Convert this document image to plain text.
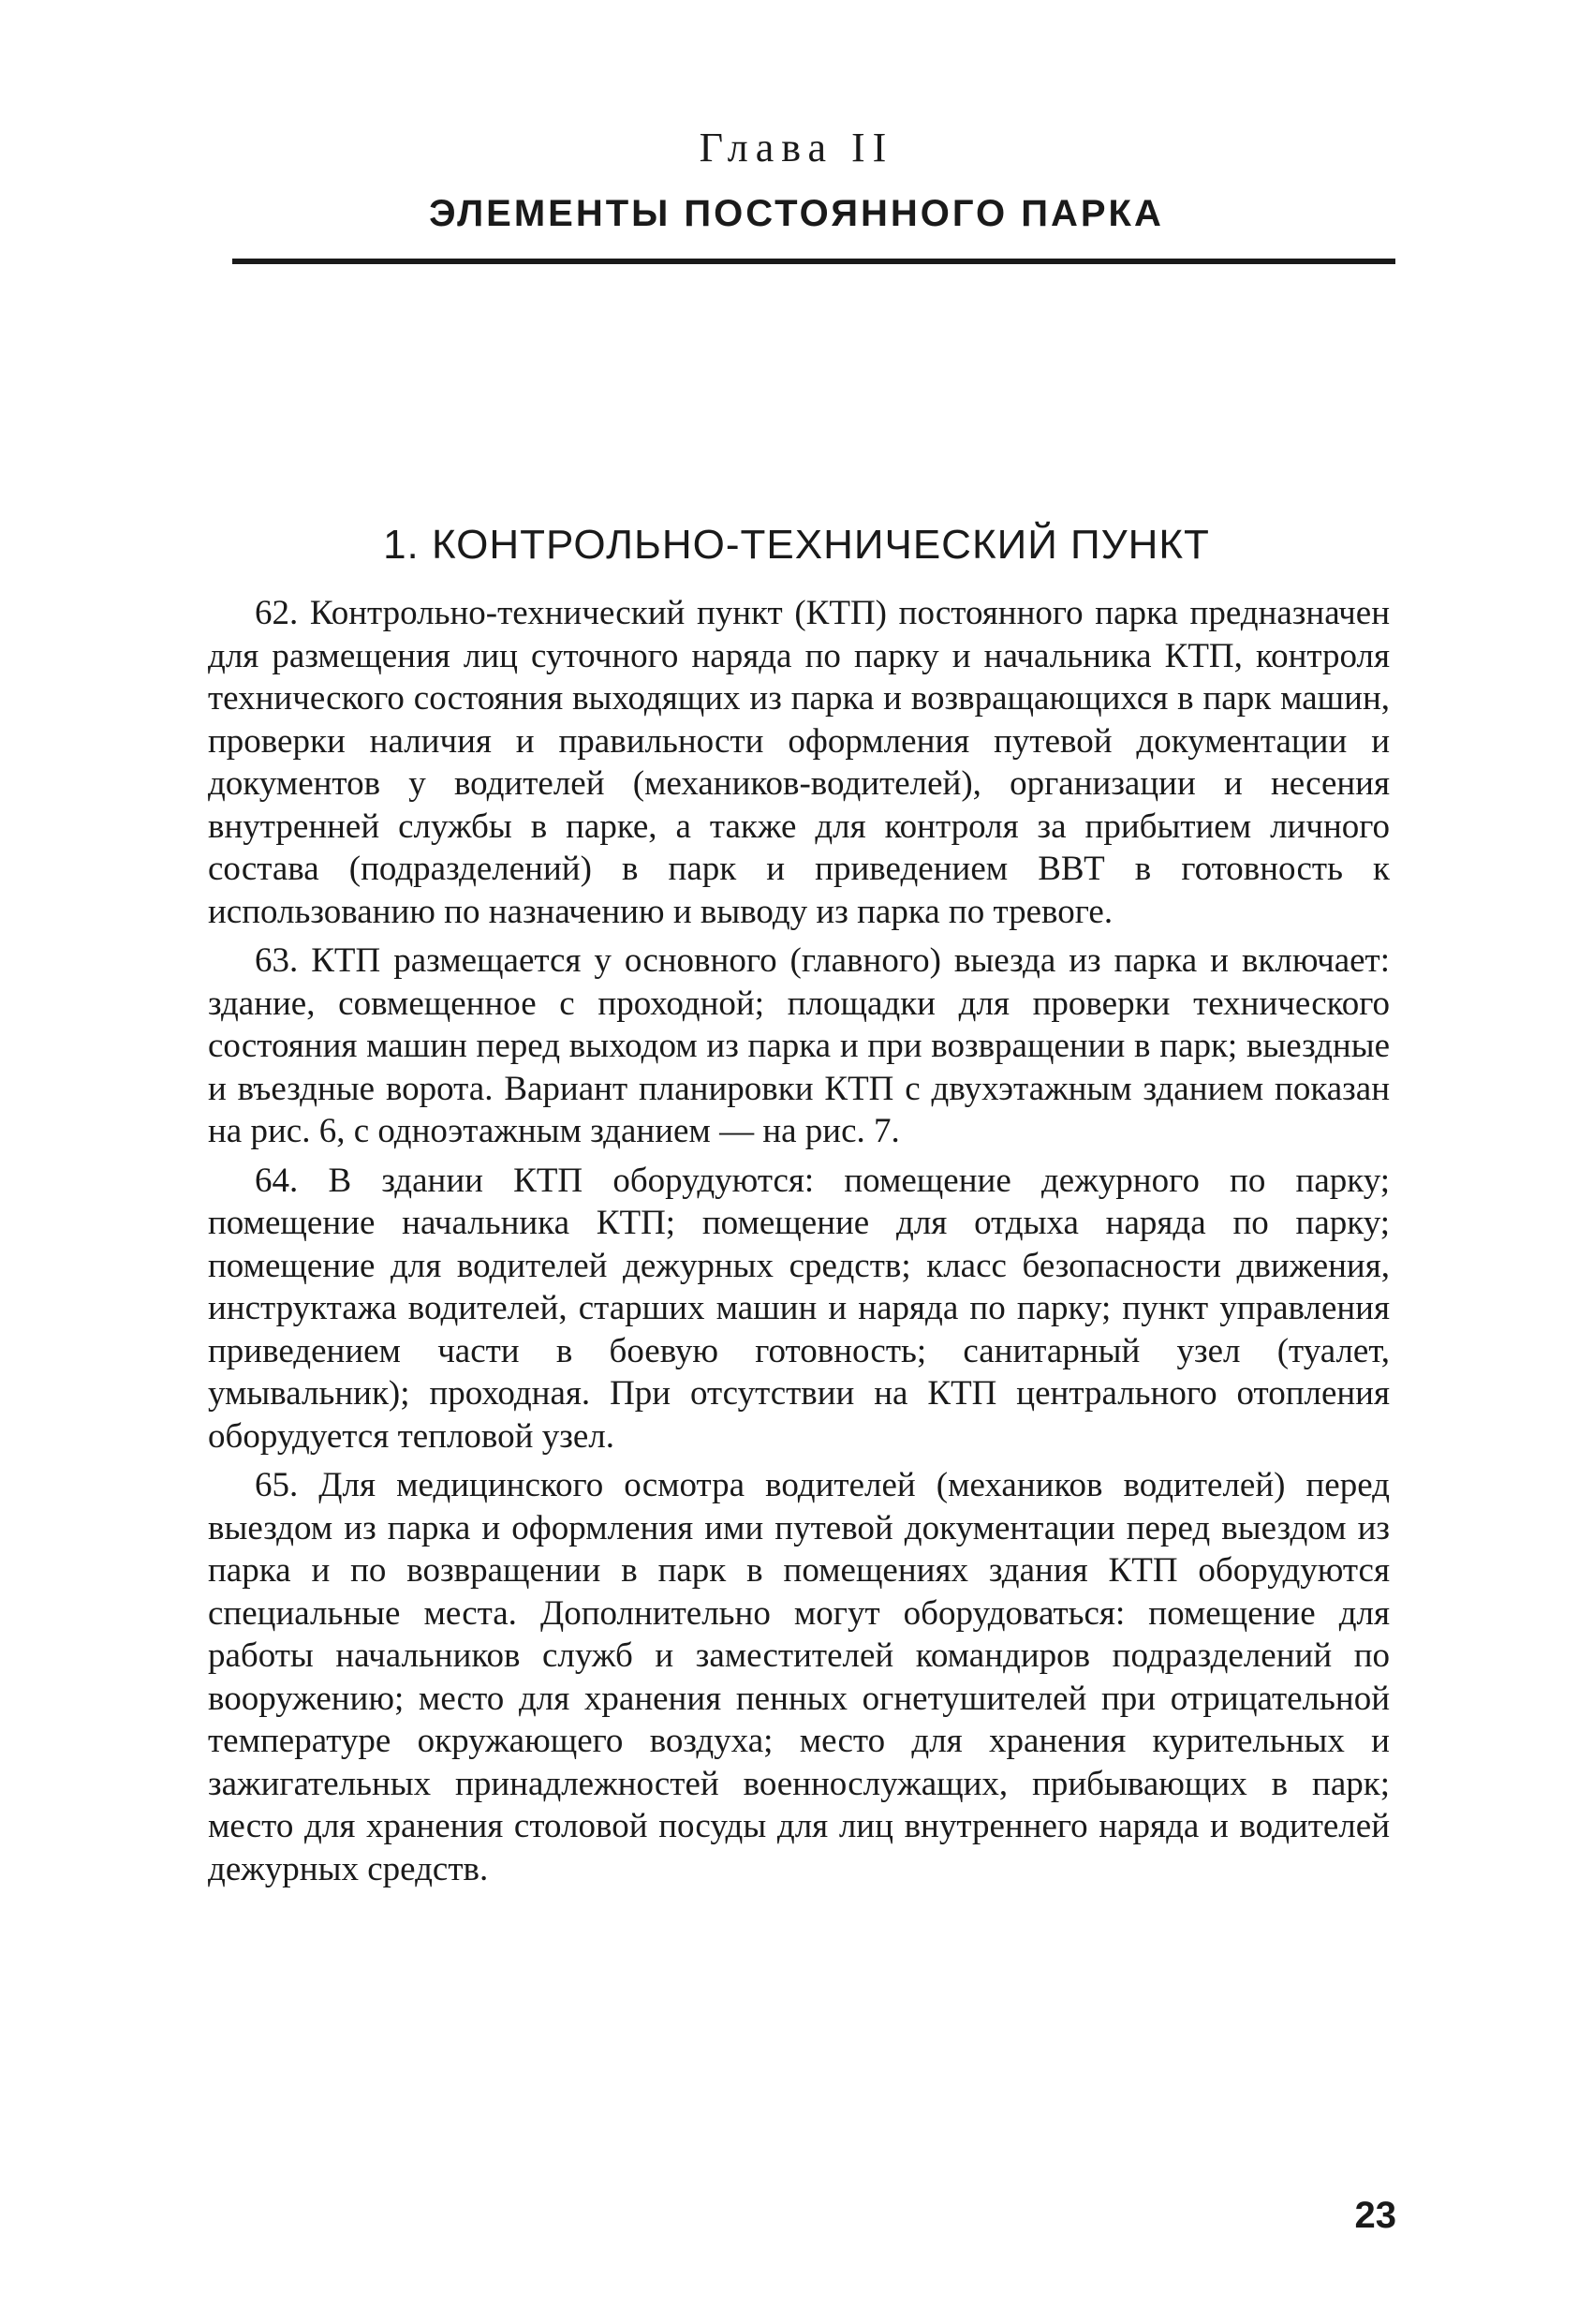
Глава II
ЭЛЕМЕНТЫ ПОСТОЯННОГО ПАРКА
1. КОНТРОЛЬНО-ТЕХНИЧЕСКИЙ ПУНКТ

62. Контрольно-технический пункт (КТП) постоянного парка предназначен для размещения лиц суточного наряда по парку и начальника КТП, контроля технического состояния выходящих из парка и возвращающихся в парк машин, проверки наличия и правильности оформления путевой документации и документов у водителей (механиков-водителей), организации и несения внутренней службы в парке, а также для контроля за прибытием личного состава (подразделений) в парк и приведением ВВТ в готовность к использованию по назначению и выводу из парка по тревоге.

63. КТП размещается у основного (главного) выезда из парка и включает: здание, совмещенное с проходной; площадки для проверки технического состояния машин перед выходом из парка и при возвращении в парк; выездные и въездные ворота. Вариант планировки КТП с двухэтажным зданием показан на рис. 6, с одноэтажным зданием — на рис. 7.

64. В здании КТП оборудуются: помещение дежурного по парку; помещение начальника КТП; помещение для отдыха наряда по парку; помещение для водителей дежурных средств; класс безопасности движения, инструктажа водителей, старших машин и наряда по парку; пункт управления приведением части в боевую готовность; санитарный узел (туалет, умывальник); проходная. При отсутствии на КТП центрального отопления оборудуется тепловой узел.

65. Для медицинского осмотра водителей (механиков водителей) перед выездом из парка и оформления ими путевой документации перед выездом из парка и по возвращении в парк в помещениях здания КТП оборудуются специальные места. Дополнительно могут оборудоваться: помещение для работы начальников служб и заместителей командиров подразделений по вооружению; место для хранения пенных огнетушителей при отрицательной температуре окружающего воздуха; место для хранения курительных и зажигательных принадлежностей военнослужащих, прибывающих в парк; место для хранения столовой посуды для лиц внутреннего наряда и водителей дежурных средств.

23
